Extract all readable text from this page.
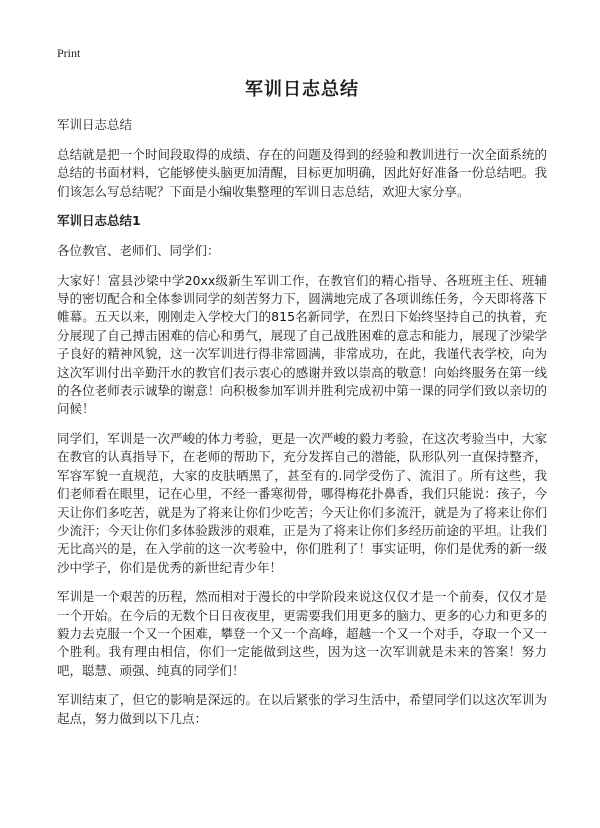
Print
军训日志总结
军训日志总结
总结就是把一个时间段取得的成绩、存在的问题及得到的经验和教训进行一次全面系统的总结的书面材料，它能够使头脑更加清醒，目标更加明确，因此好好准备一份总结吧。我们该怎么写总结呢？下面是小编收集整理的军训日志总结，欢迎大家分享。
军训日志总结1
各位教官、老师们、同学们：
大家好！富县沙梁中学20xx级新生军训工作，在教官们的精心指导、各班班主任、班辅导的密切配合和全体参训同学的刻苦努力下，圆满地完成了各项训练任务，今天即将落下帷幕。五天以来，刚刚走入学校大门的815名新同学，在烈日下始终坚持自己的执着，充分展现了自己搏击困难的信心和勇气，展现了自己战胜困难的意志和能力，展现了沙梁学子良好的精神风貌，这一次军训进行得非常圆满，非常成功，在此，我谨代表学校，向为这次军训付出辛勤汗水的教官们表示衷心的感谢并致以崇高的敬意！向始终服务在第一线的各位老师表示诚挚的谢意！向积极参加军训并胜利完成初中第一课的同学们致以亲切的问候！
同学们，军训是一次严峻的体力考验，更是一次严峻的毅力考验，在这次考验当中，大家在教官的认真指导下，在老师的帮助下，充分发挥自己的潜能，队形队列一直保持整齐，军容军貌一直规范，大家的皮肤晒黑了，甚至有的.同学受伤了、流泪了。所有这些，我们老师看在眼里，记在心里，不经一番寒彻骨，哪得梅花扑鼻香，我们只能说：孩子，今天让你们多吃苦，就是为了将来让你们少吃苦；今天让你们多流汗，就是为了将来让你们少流汗；今天让你们多体验跋涉的艰难，正是为了将来让你们多经历前途的平坦。让我们无比高兴的是，在入学前的这一次考验中，你们胜利了！事实证明，你们是优秀的新一级沙中学子，你们是优秀的新世纪青少年！
军训是一个艰苦的历程，然而相对于漫长的中学阶段来说这仅仅才是一个前奏，仅仅才是一个开始。在今后的无数个日日夜夜里，更需要我们用更多的脑力、更多的心力和更多的毅力去克服一个又一个困难，攀登一个又一个高峰，超越一个又一个对手，夺取一个又一个胜利。我有理由相信，你们一定能做到这些，因为这一次军训就是未来的答案！努力吧，聪慧、顽强、纯真的同学们！
军训结束了，但它的影响是深远的。在以后紧张的学习生活中，希望同学们以这次军训为起点，努力做到以下几点：
